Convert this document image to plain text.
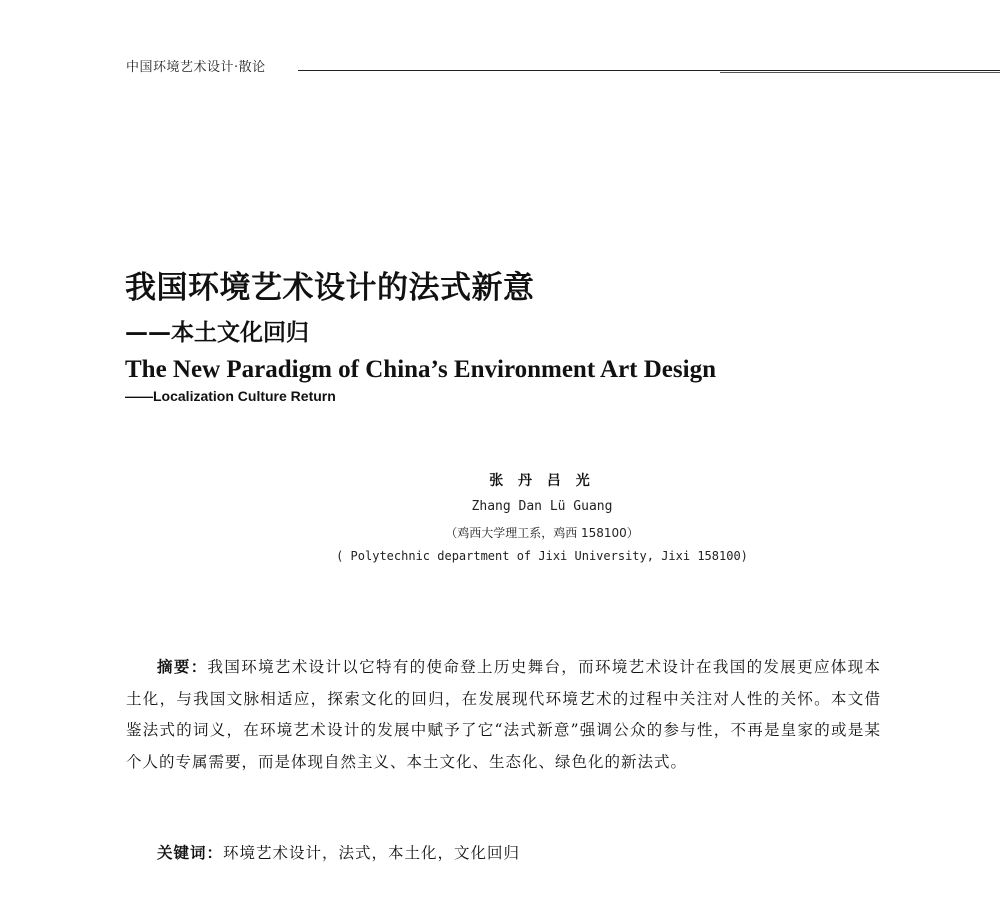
中国环境艺术设计·散论
我国环境艺术设计的法式新意
——本土文化回归
The New Paradigm of China’s Environment Art Design
——Localization Culture Return
张 丹 吕 光
Zhang Dan Lü Guang
（鸡西大学理工系，鸡西 158100）
( Polytechnic department of Jixi University, Jixi 158100)
摘要：我国环境艺术设计以它特有的使命登上历史舞台，而环境艺术设计在我国的发展更应体现本土化，与我国文脉相适应，探索文化的回归，在发展现代环境艺术的过程中关注对人性的关怀。本文借鉴法式的词义，在环境艺术设计的发展中赋予了它“法式新意”强调公众的参与性，不再是皇家的或是某个人的专属需要，而是体现自然主义、本土文化、生态化、绿色化的新法式。
关键词：环境艺术设计，法式，本土化，文化回归
